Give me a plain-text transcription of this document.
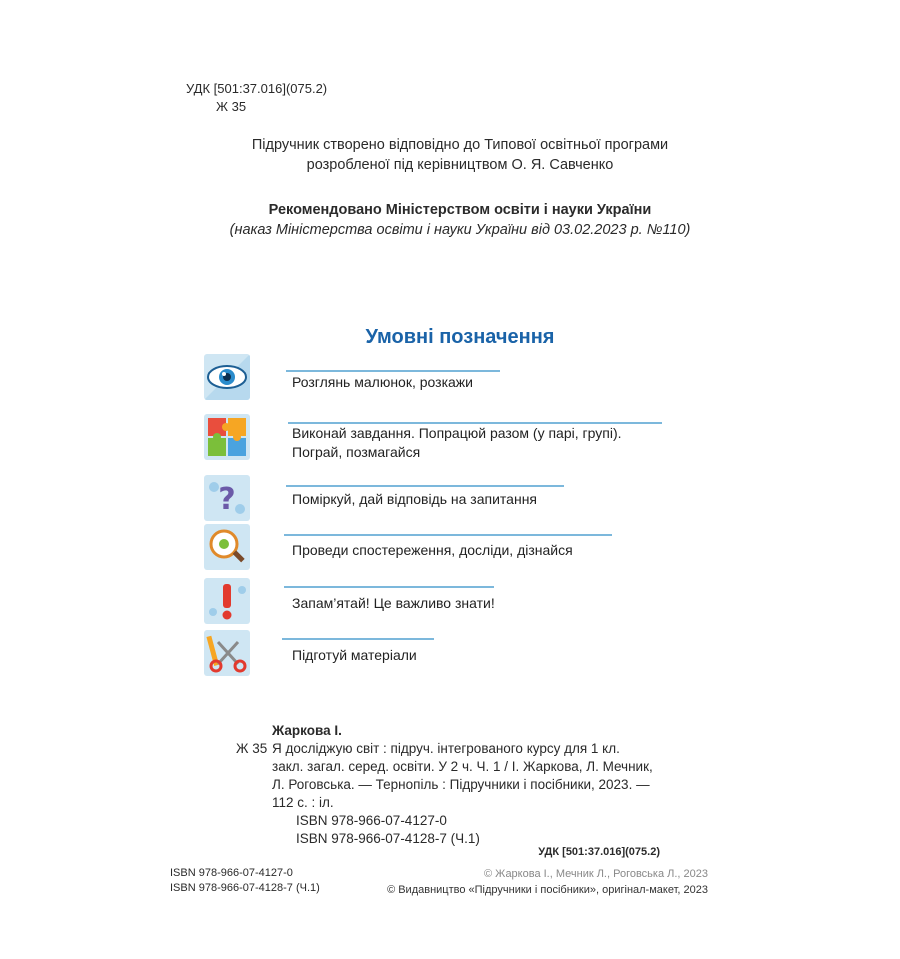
УДК [501:37.016](075.2)
Ж 35
Підручник створено відповідно до Типової освітньої програми
розробленої під керівництвом О. Я. Савченко
Рекомендовано Міністерством освіти і науки України
(наказ Міністерства освіти і науки України від 03.02.2023 р. №110)
Умовні позначення
Розглянь малюнок, розкажи
Виконай завдання. Попрацюй разом (у парі, групі).
Пограй, позмагайся
?	Поміркуй, дай відповідь на запитання
Проведи спостереження, досліди, дізнайся
Запам’ятай! Це важливо знати!
Підготуй матеріали
Жаркова І.
Ж 35 Я досліджую світ : підруч. інтегрованого курсу для 1 кл.
закл. загал. серед. освіти. У 2 ч. Ч. 1 / І. Жаркова, Л. Мечник,
Л. Роговська. — Тернопіль : Підручники і посібники, 2023. —
112 с. : іл.
ISBN 978-966-07-4127-0
ISBN 978-966-07-4128-7 (Ч.1)
УДК [501:37.016](075.2)
ISBN 978-966-07-4127-0
ISBN 978-966-07-4128-7 (Ч.1)
© Жаркова І., Мечник Л., Роговська Л., 2023
© Видавництво «Підручники і посібники», оригінал-макет, 2023
